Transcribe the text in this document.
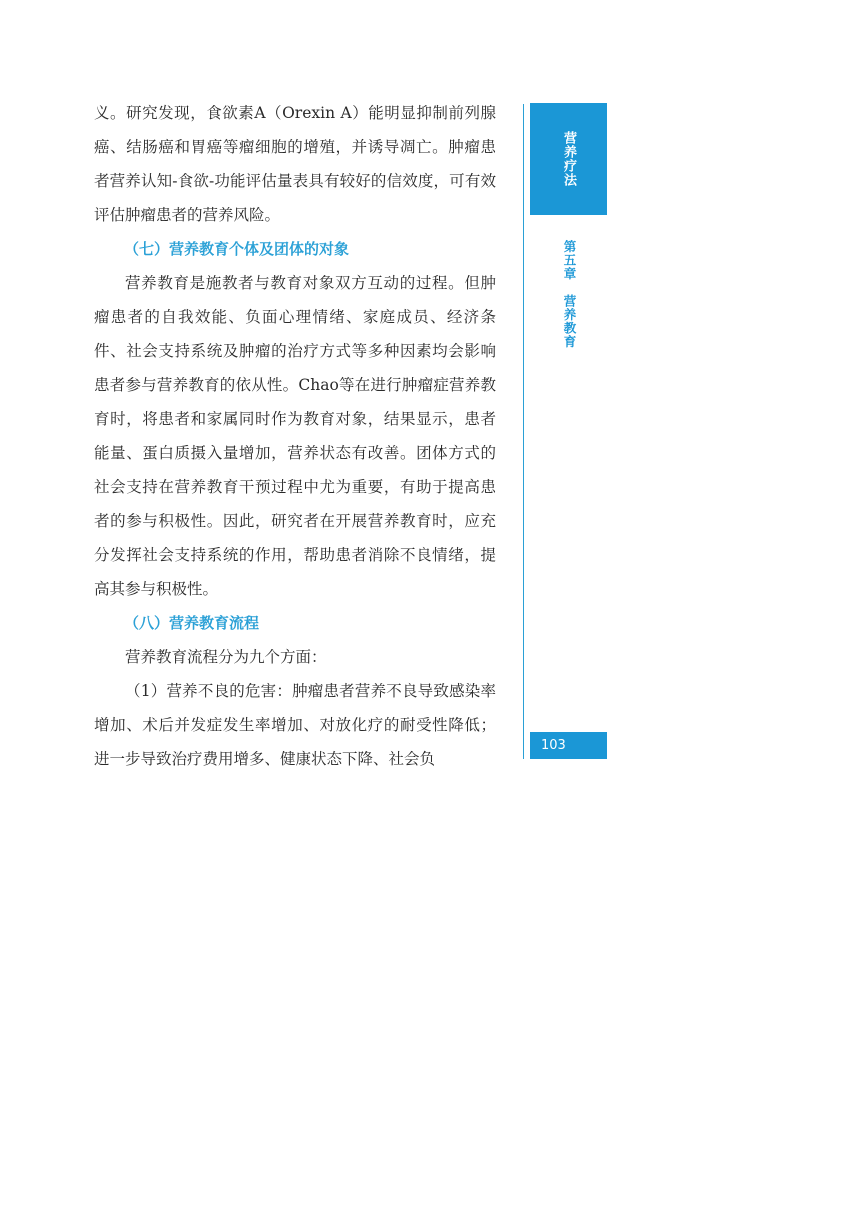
义。研究发现，食欲素A（Orexin A）能明显抑制前列腺癌、结肠癌和胃癌等瘤细胞的增殖，并诱导凋亡。肿瘤患者营养认知-食欲-功能评估量表具有较好的信效度，可有效评估肿瘤患者的营养风险。

（七）营养教育个体及团体的对象

营养教育是施教者与教育对象双方互动的过程。但肿瘤患者的自我效能、负面心理情绪、家庭成员、经济条件、社会支持系统及肿瘤的治疗方式等多种因素均会影响患者参与营养教育的依从性。Chao等在进行肿瘤症营养教育时，将患者和家属同时作为教育对象，结果显示，患者能量、蛋白质摄入量增加，营养状态有改善。团体方式的社会支持在营养教育干预过程中尤为重要，有助于提高患者的参与积极性。因此，研究者在开展营养教育时，应充分发挥社会支持系统的作用，帮助患者消除不良情绪，提高其参与积极性。

（八）营养教育流程

营养教育流程分为九个方面：

（1）营养不良的危害：肿瘤患者营养不良导致感染率增加、术后并发症发生率增加、对放化疗的耐受性降低；进一步导致治疗费用增多、健康状态下降、社会负

营养疗法
第五章营养教育
103
